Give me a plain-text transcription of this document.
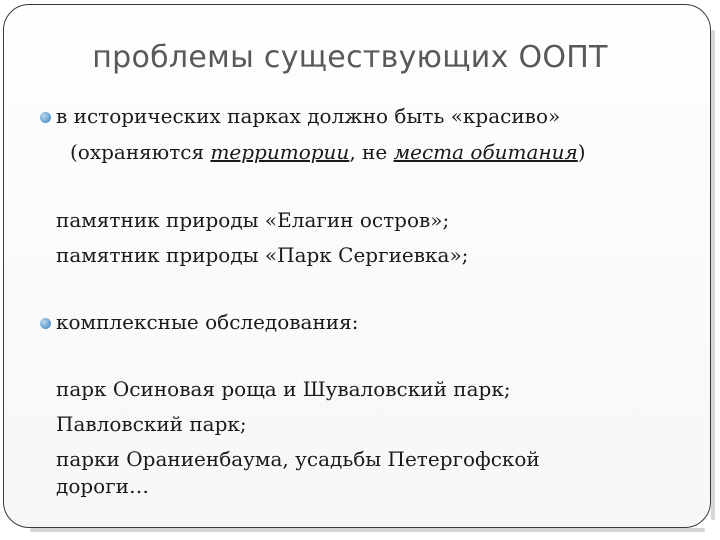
проблемы существующих ООПТ
в исторических парках должно быть «красиво»
(охраняются территории, не места обитания)
памятник природы «Елагин остров»;
памятник природы «Парк Сергиевка»;
комплексные обследования:
парк Осиновая роща и Шуваловский парк;
Павловский парк;
парки Ораниенбаума, усадьбы Петергофской
дороги…
